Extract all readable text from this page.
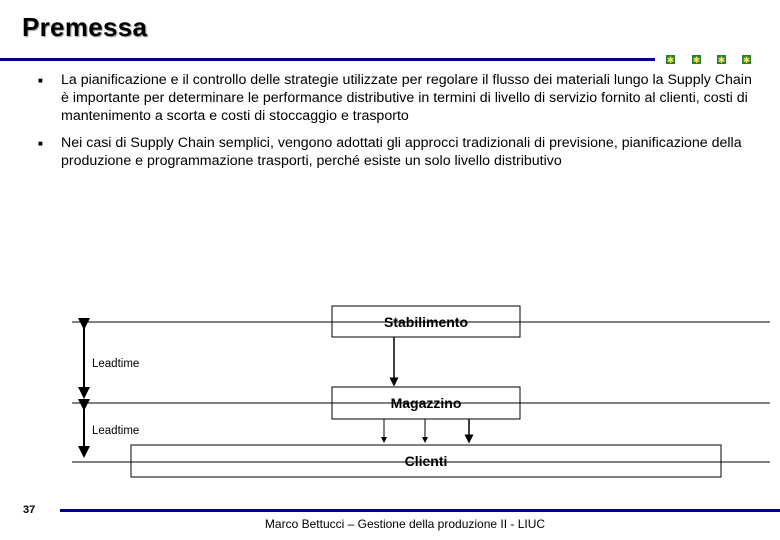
Premessa
✱ ✱ ✱ ✱
■ La pianificazione e il controllo delle strategie utilizzate per regolare il flusso dei materiali lungo la Supply Chain è importante per determinare le performance distributive in termini di livello di servizio fornito al clienti, costi di mantenimento a scorta e costi di stoccaggio e trasporto
■ Nei casi di Supply Chain semplici, vengono adottati gli approcci tradizionali di previsione, pianificazione della produzione e programmazione trasporti, perché esiste un solo livello distributivo
Stabilimento
Magazzino
Clienti
Leadtime
Leadtime
37
Marco Bettucci – Gestione della produzione II - LIUC
